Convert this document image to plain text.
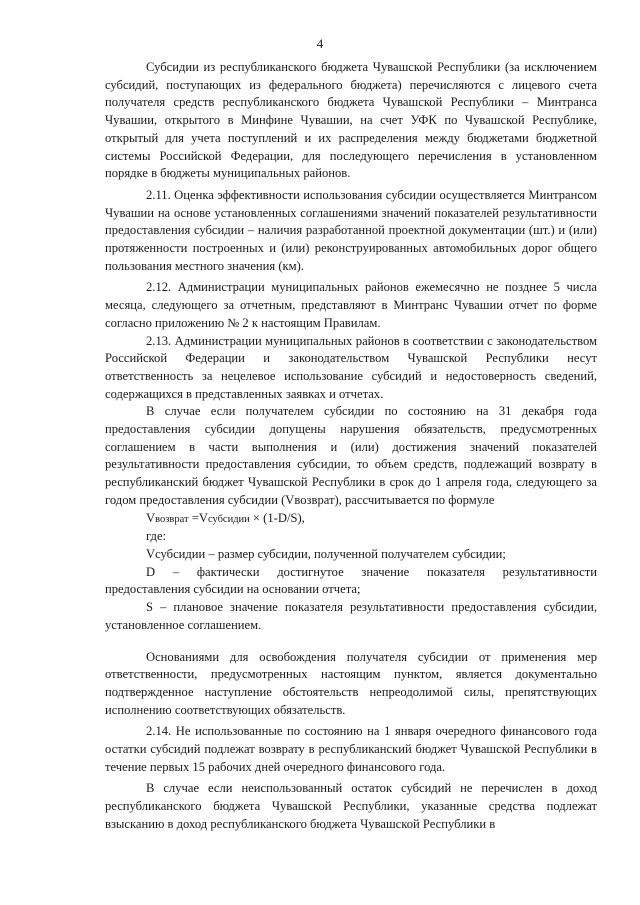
4

Субсидии из республиканского бюджета Чувашской Республики (за исключением субсидий, поступающих из федерального бюджета) перечисляются с лицевого счета получателя средств республиканского бюджета Чувашской Республики – Минтранса Чувашии, открытого в Минфине Чувашии, на счет УФК по Чувашской Республике, открытый для учета поступлений и их распределения между бюджетами бюджетной системы Российской Федерации, для последующего перечисления в установленном порядке в бюджеты муниципальных районов.

2.11. Оценка эффективности использования субсидии осуществляется Минтрансом Чувашии на основе установленных соглашениями значений показателей результативности предоставления субсидии – наличия разработанной проектной документации (шт.) и (или) протяженности построенных и (или) реконструированных автомобильных дорог общего пользования местного значения (км).

2.12. Администрации муниципальных районов ежемесячно не позднее 5 числа месяца, следующего за отчетным, представляют в Минтранс Чувашии отчет по форме согласно приложению № 2 к настоящим Правилам.

2.13. Администрации муниципальных районов в соответствии с законодательством Российской Федерации и законодательством Чувашской Республики несут ответственность за нецелевое использование субсидий и недостоверность сведений, содержащихся в представленных заявках и отчетах.

В случае если получателем субсидии по состоянию на 31 декабря года предоставления субсидии допущены нарушения обязательств, предусмотренных соглашением в части выполнения и (или) достижения значений показателей результативности предоставления субсидии, то объем средств, подлежащий возврату в республиканский бюджет Чувашской Республики в срок до 1 апреля года, следующего за годом предоставления субсидии (Vвозврат), рассчитывается по формуле

Vвозврат =Vсубсидии × (1-D/S),

где:

Vсубсидии – размер субсидии, полученной получателем субсидии;

D – фактически достигнутое значение показателя результативности предоставления субсидии на основании отчета;

S – плановое значение показателя результативности предоставления субсидии, установленное соглашением.

Основаниями для освобождения получателя субсидии от применения мер ответственности, предусмотренных настоящим пунктом, является документально подтвержденное наступление обстоятельств непреодолимой силы, препятствующих исполнению соответствующих обязательств.

2.14. Не использованные по состоянию на 1 января очередного финансового года остатки субсидий подлежат возврату в республиканский бюджет Чувашской Республики в течение первых 15 рабочих дней очередного финансового года.

В случае если неиспользованный остаток субсидий не перечислен в доход республиканского бюджета Чувашской Республики, указанные средства подлежат взысканию в доход республиканского бюджета Чувашской Республики в
